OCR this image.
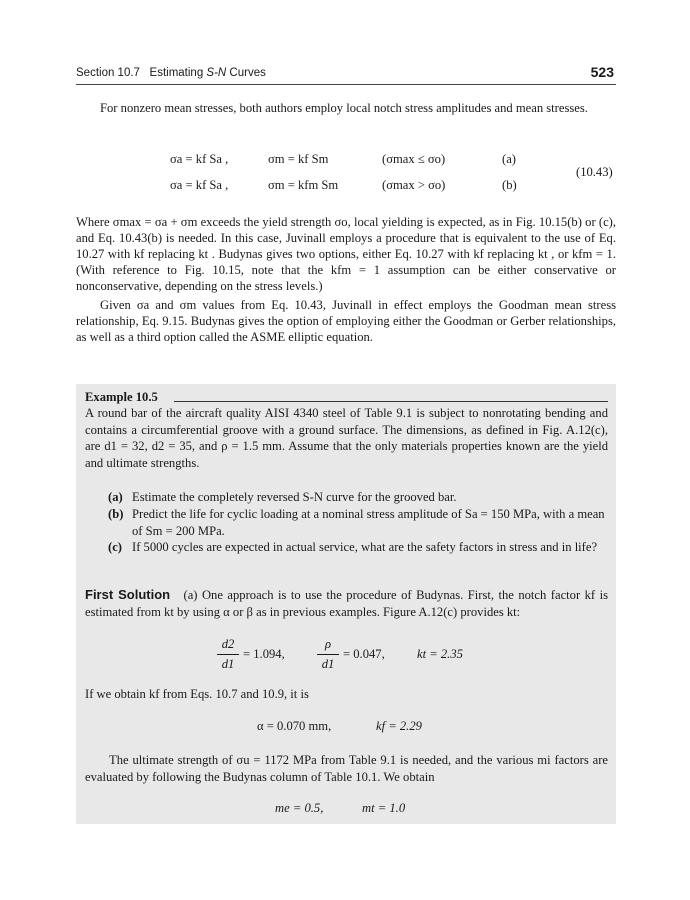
Section 10.7 Estimating S-N Curves	523
For nonzero mean stresses, both authors employ local notch stress amplitudes and mean stresses.
σa = kf Sa ,	σm = kf Sm	(σmax ≤ σo)	(a)
σa = kf Sa ,	σm = kfm Sm	(σmax > σo)	(b)
(10.43)
Where σmax = σa + σm exceeds the yield strength σo, local yielding is expected, as in Fig. 10.15(b) or (c), and Eq. 10.43(b) is needed. In this case, Juvinall employs a procedure that is equivalent to the use of Eq. 10.27 with kf replacing kt . Budynas gives two options, either Eq. 10.27 with kf replacing kt , or kfm = 1. (With reference to Fig. 10.15, note that the kfm = 1 assumption can be either conservative or nonconservative, depending on the stress levels.)
Given σa and σm values from Eq. 10.43, Juvinall in effect employs the Goodman mean stress relationship, Eq. 9.15. Budynas gives the option of employing either the Goodman or Gerber relationships, as well as a third option called the ASME elliptic equation.
Example 10.5
A round bar of the aircraft quality AISI 4340 steel of Table 9.1 is subject to nonrotating bending and contains a circumferential groove with a ground surface. The dimensions, as defined in Fig. A.12(c), are d1 = 32, d2 = 35, and ρ = 1.5 mm. Assume that the only materials properties known are the yield and ultimate strengths.
(a) Estimate the completely reversed S-N curve for the grooved bar.
(b) Predict the life for cyclic loading at a nominal stress amplitude of Sa = 150 MPa, with a mean of Sm = 200 MPa.
(c) If 5000 cycles are expected in actual service, what are the safety factors in stress and in life?
First Solution (a) One approach is to use the procedure of Budynas. First, the notch factor kf is estimated from kt by using α or β as in previous examples. Figure A.12(c) provides kt:
d2
d1
= 1.094,
ρ
d1
= 0.047,	kt = 2.35
If we obtain kf from Eqs. 10.7 and 10.9, it is
α = 0.070 mm,	kf = 2.29
The ultimate strength of σu = 1172 MPa from Table 9.1 is needed, and the various mi factors are evaluated by following the Budynas column of Table 10.1. We obtain
me = 0.5,	mt = 1.0
